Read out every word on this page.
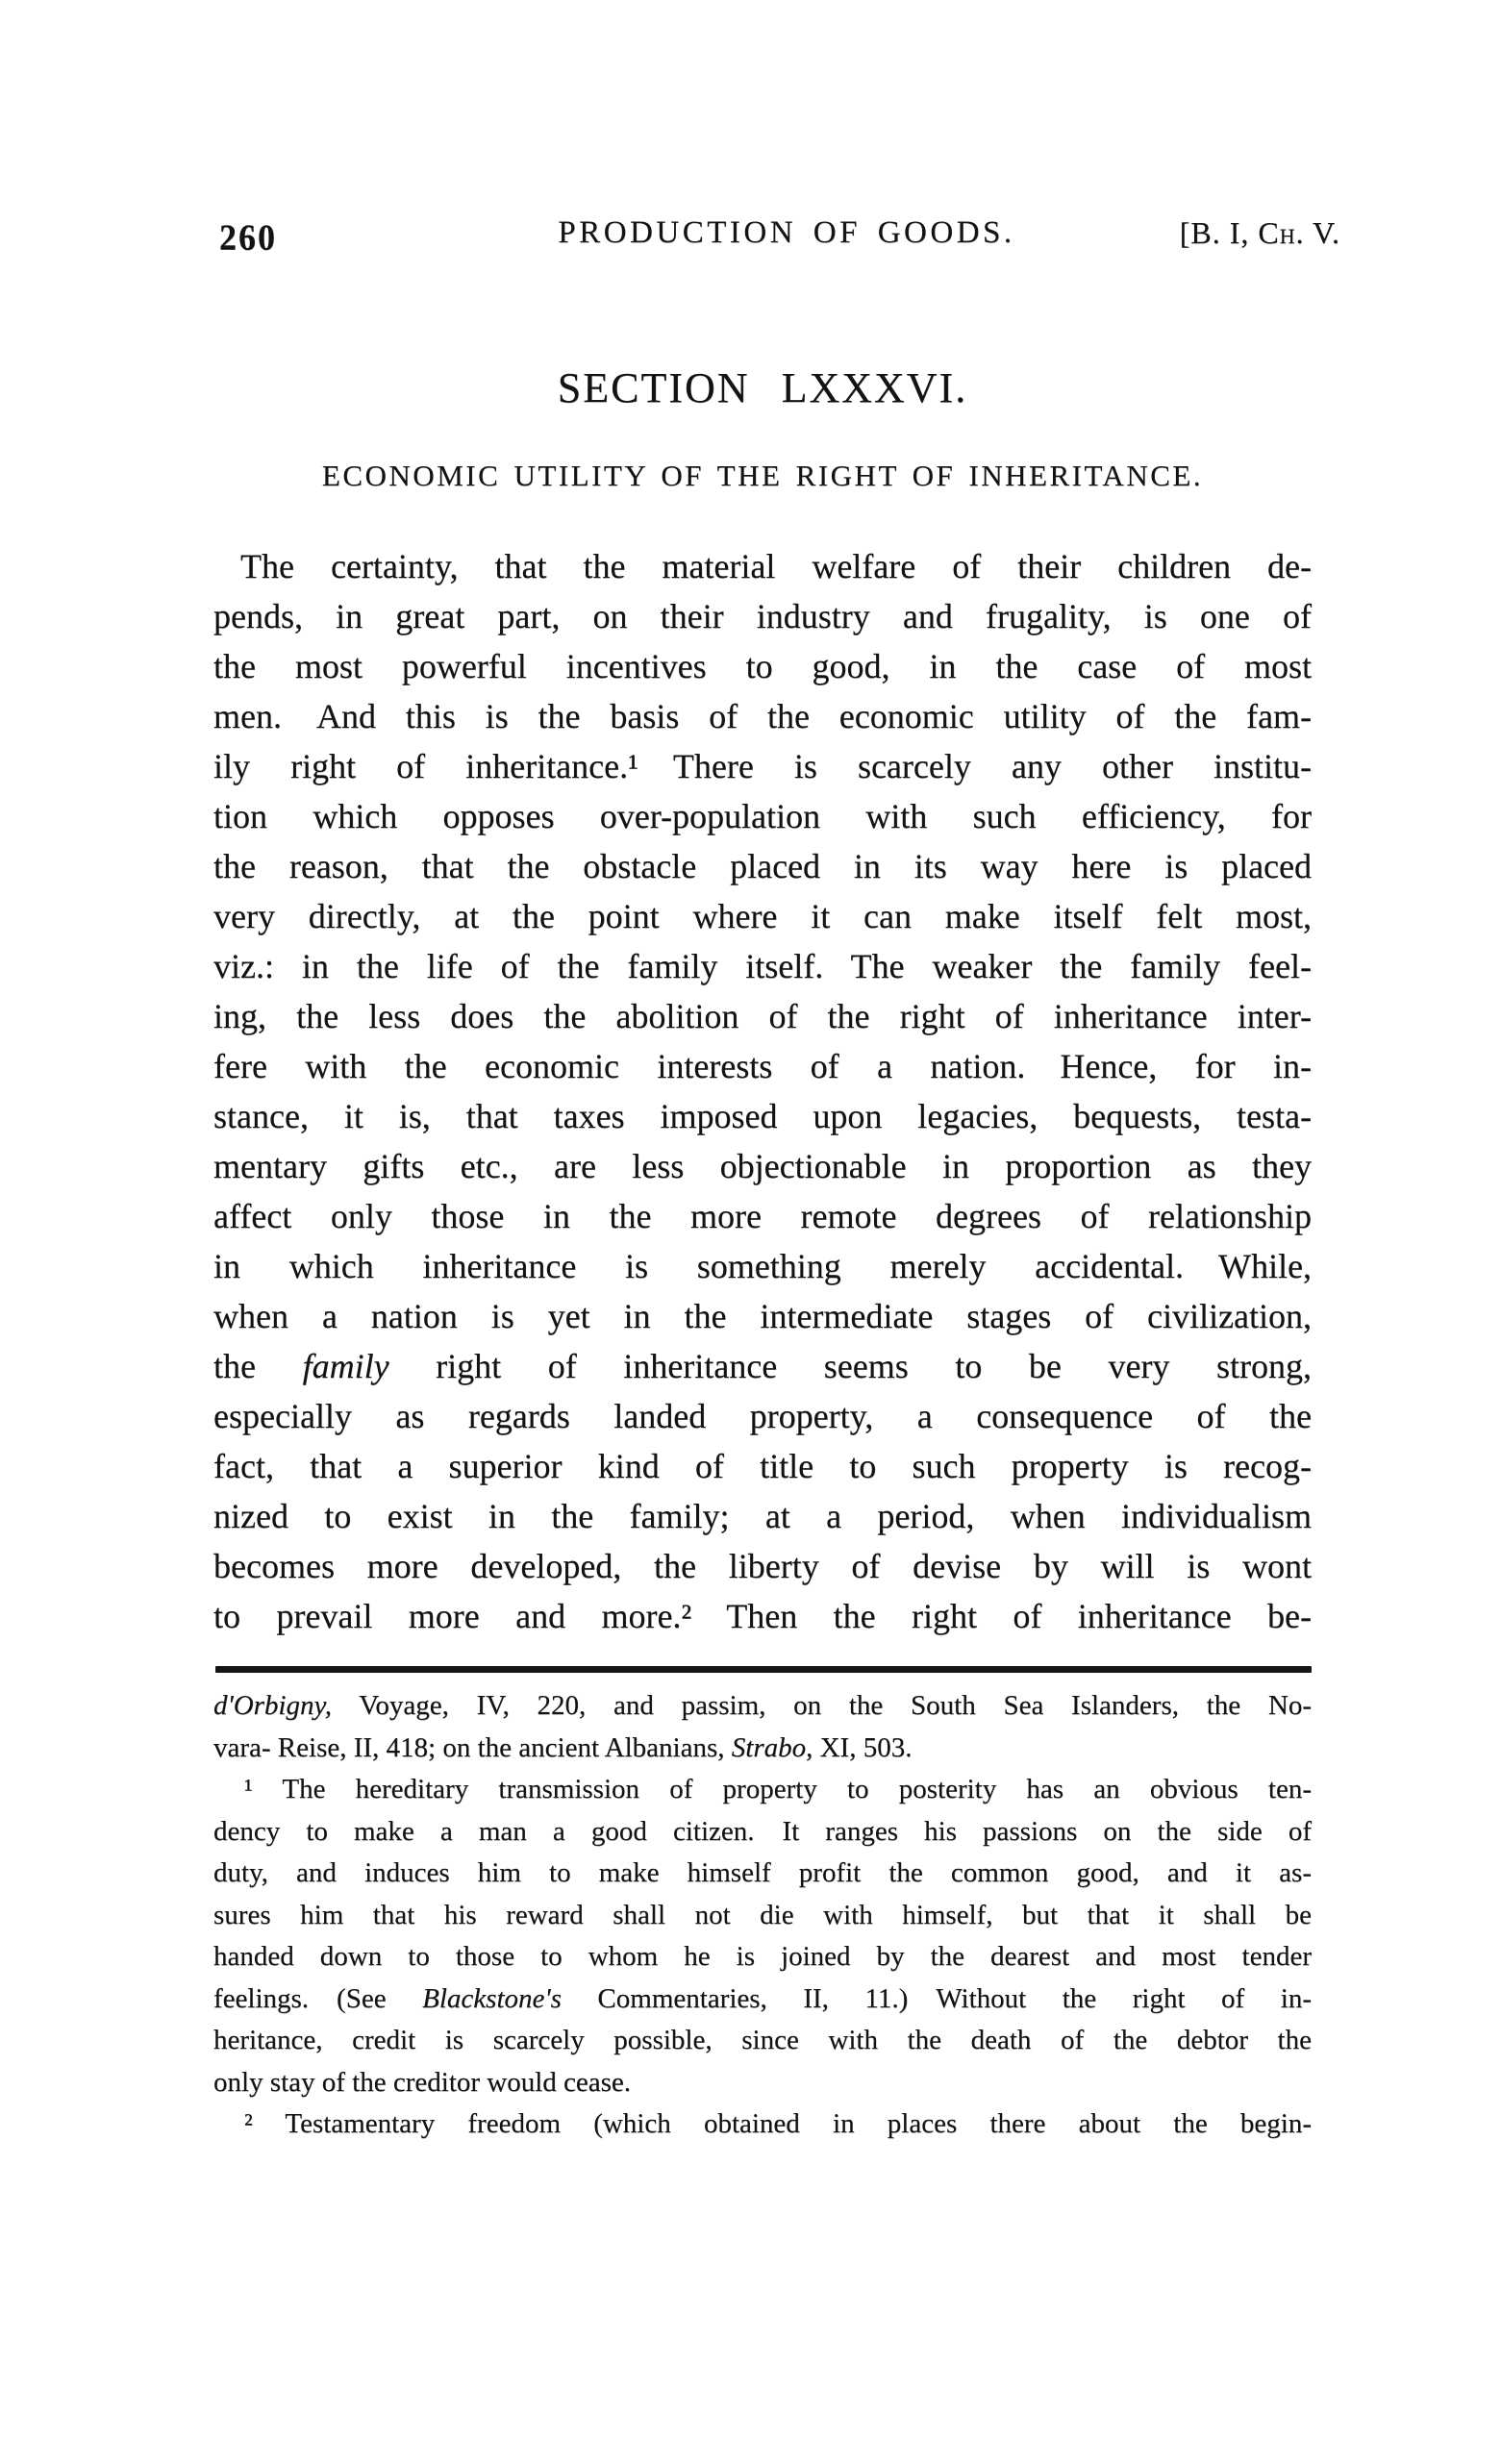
260	PRODUCTION OF GOODS.	[B. I, Ch. V.
SECTION LXXXVI.
ECONOMIC UTILITY OF THE RIGHT OF INHERITANCE.
The certainty, that the material welfare of their children de-
pends, in great part, on their industry and frugality, is one of
the most powerful incentives to good, in the case of most
men.  And this is the basis of the economic utility of the fam-
ily right of inheritance.¹  There is scarcely any other institu-
tion which opposes over-population with such efficiency, for
the reason, that the obstacle placed in its way here is placed
very directly, at the point where it can make itself felt most,
viz.: in the life of the family itself. The weaker the family feel-
ing, the less does the abolition of the right of inheritance inter-
fere with the economic interests of a nation.  Hence, for in-
stance, it is, that taxes imposed upon legacies, bequests, testa-
mentary gifts etc., are less objectionable in proportion as they
affect only those in the more remote degrees of relationship
in which inheritance is something merely accidental.  While,
when a nation is yet in the intermediate stages of civilization,
the family right of inheritance seems to be very strong,
especially as regards landed property, a consequence of the
fact, that a superior kind of title to such property is recog-
nized to exist in the family; at a period, when individualism
becomes more developed, the liberty of devise by will is wont
to prevail more and more.²  Then the right of inheritance be-
d'Orbigny, Voyage, IV, 220, and passim, on the South Sea Islanders, the No-
vara- Reise, II, 418; on the ancient Albanians, Strabo, XI, 503.
¹ The hereditary transmission of property to posterity has an obvious ten-
dency to make a man a good citizen.  It ranges his passions on the side of
duty, and induces him to make himself profit the common good, and it as-
sures him that his reward shall not die with himself, but that it shall be
handed down to those to whom he is joined by the dearest and most tender
feelings.  (See Blackstone's Commentaries, II, 11.)  Without the right of in-
heritance, credit is scarcely possible, since with the death of the debtor the
only stay of the creditor would cease.
² Testamentary freedom (which obtained in places there about the begin-
